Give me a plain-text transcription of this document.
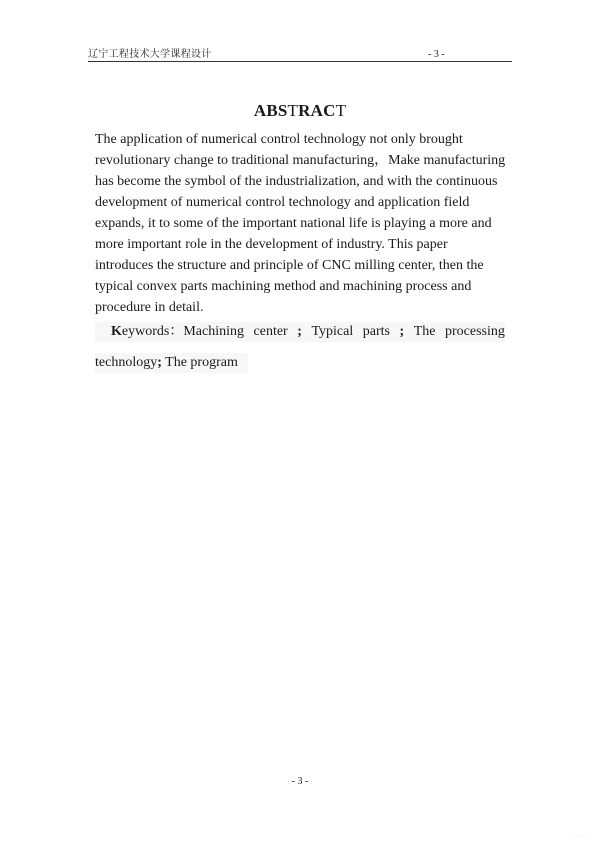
辽宁工程技术大学课程设计	- 3 -
ABSTRACT
The application of numerical control technology not only brought
revolutionary change to traditional manufacturing，Make manufacturing
has become the symbol of the industrialization, and with the continuous
development of numerical control technology and application field
expands, it to some of the important national life is playing a more and
more important role in the development of industry. This paper
introduces the structure and principle of CNC milling center, then the
typical convex parts machining method and machining process and
procedure in detail.
Keywords：Machining center ; Typical parts ; The processing
technology; The program
- 3 -
· ·· ·
